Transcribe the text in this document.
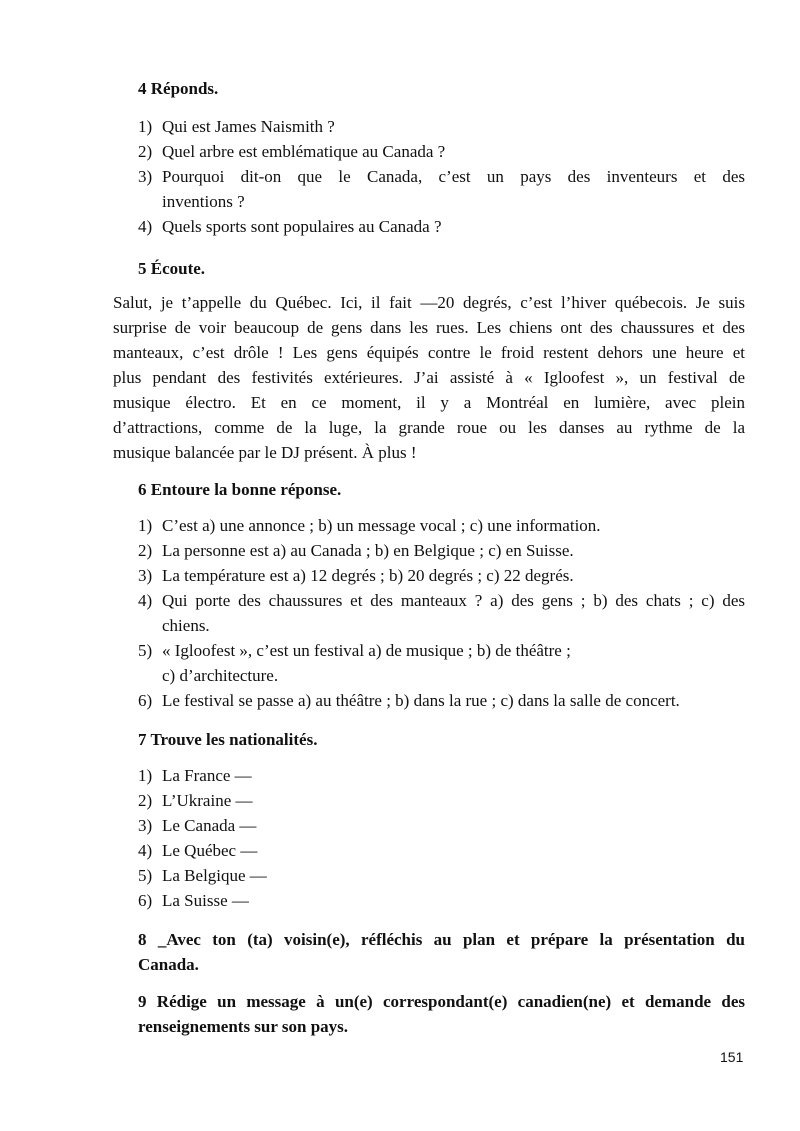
4 Réponds.
1) Qui est James Naismith ?
2) Quel arbre est emblématique au Canada ?
3) Pourquoi dit-on que le Canada, c’est un pays des inventeurs et des
inventions ?
4) Quels sports sont populaires au Canada ?
5 Écoute.
Salut, je t’appelle du Québec. Ici, il fait —20 degrés, c’est l’hiver québecois. Je suis
surprise de voir beaucoup de gens dans les rues. Les chiens ont des chaussures et des
manteaux, c’est drôle ! Les gens équipés contre le froid restent dehors une heure et
plus pendant des festivités extérieures. J’ai assisté à « Igloofest », un festival de
musique électro. Et en ce moment, il y a Montréal en lumière, avec plein
d’attractions, comme de la luge, la grande roue ou les danses au rythme de la
musique balancée par le DJ présent. À plus !
6 Entoure la bonne réponse.
1) C’est a) une annonce ; b) un message vocal ; c) une information.
2) La personne est a) au Canada ; b) en Belgique ; c) en Suisse.
3) La température est a) 12 degrés ; b) 20 degrés ; c) 22 degrés.
4) Qui porte des chaussures et des manteaux ? a) des gens ; b) des chats ; c) des
chiens.
5) « Igloofest », c’est un festival a) de musique ; b) de théâtre ;
c) d’architecture.
6) Le festival se passe a) au théâtre ; b) dans la rue ; c) dans la salle de concert.
7 Trouve les nationalités.
1) La France —
2) L’Ukraine —
3) Le Canada —
4) Le Québec —
5) La Belgique —
6) La Suisse —
8 _Avec ton (ta) voisin(e), réfléchis au plan et prépare la présentation du
Canada.
9 Rédige un message à un(e) correspondant(e) canadien(ne) et demande des
renseignements sur son pays.
151
